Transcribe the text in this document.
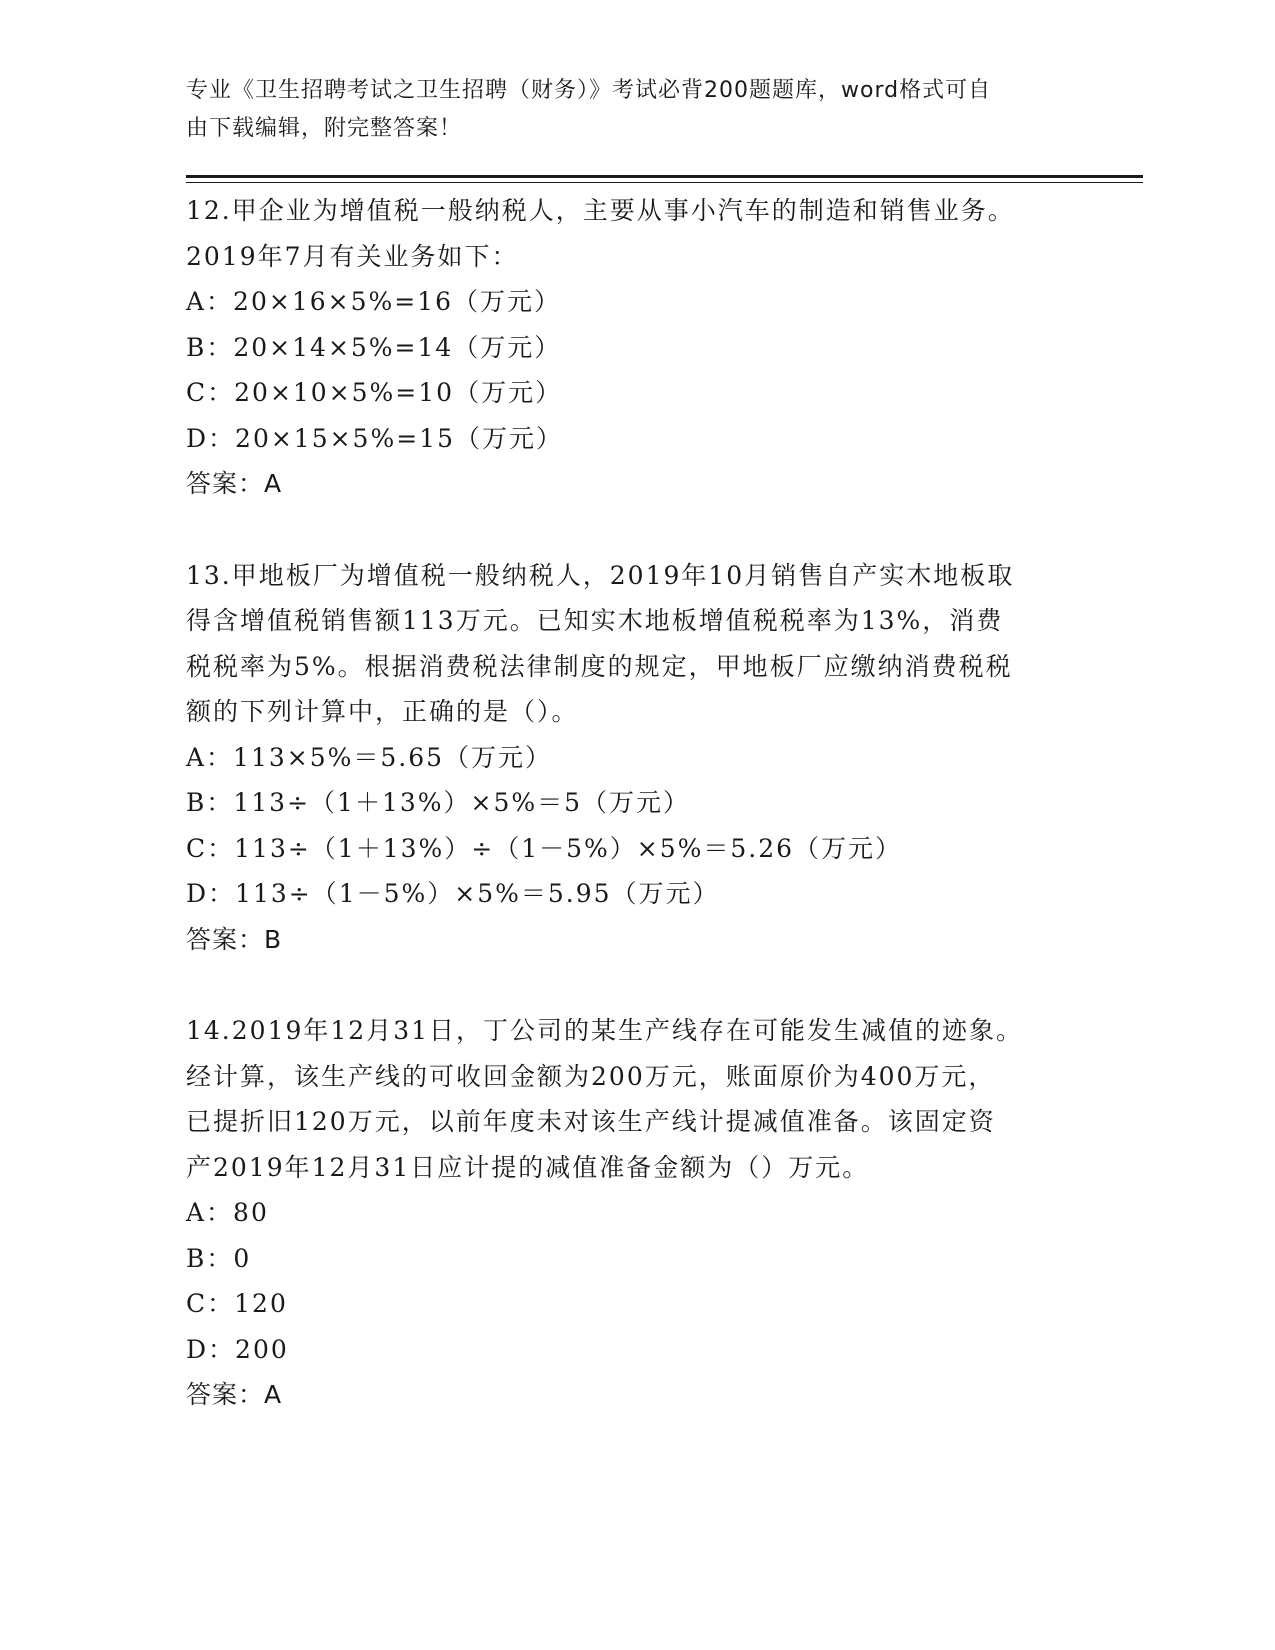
专业《卫生招聘考试之卫生招聘（财务）》考试必背200题题库，word格式可自
由下载编辑，附完整答案！
12.甲企业为增值税一般纳税人，主要从事小汽车的制造和销售业务。
2019年7月有关业务如下：
A：20×16×5%=16（万元）
B：20×14×5%=14（万元）
C：20×10×5%=10（万元）
D：20×15×5%=15（万元）
答案：A
13.甲地板厂为增值税一般纳税人，2019年10月销售自产实木地板取
得含增值税销售额113万元。已知实木地板增值税税率为13%，消费
税税率为5%。根据消费税法律制度的规定，甲地板厂应缴纳消费税税
额的下列计算中，正确的是（）。
A：113×5%＝5.65（万元）
B：113÷（1＋13%）×5%＝5（万元）
C：113÷（1＋13%）÷（1－5%）×5%＝5.26（万元）
D：113÷（1－5%）×5%＝5.95（万元）
答案：B
14.2019年12月31日，丁公司的某生产线存在可能发生减值的迹象。
经计算，该生产线的可收回金额为200万元，账面原价为400万元，
已提折旧120万元，以前年度未对该生产线计提减值准备。该固定资
产2019年12月31日应计提的减值准备金额为（）万元。
A：80
B：0
C：120
D：200
答案：A
